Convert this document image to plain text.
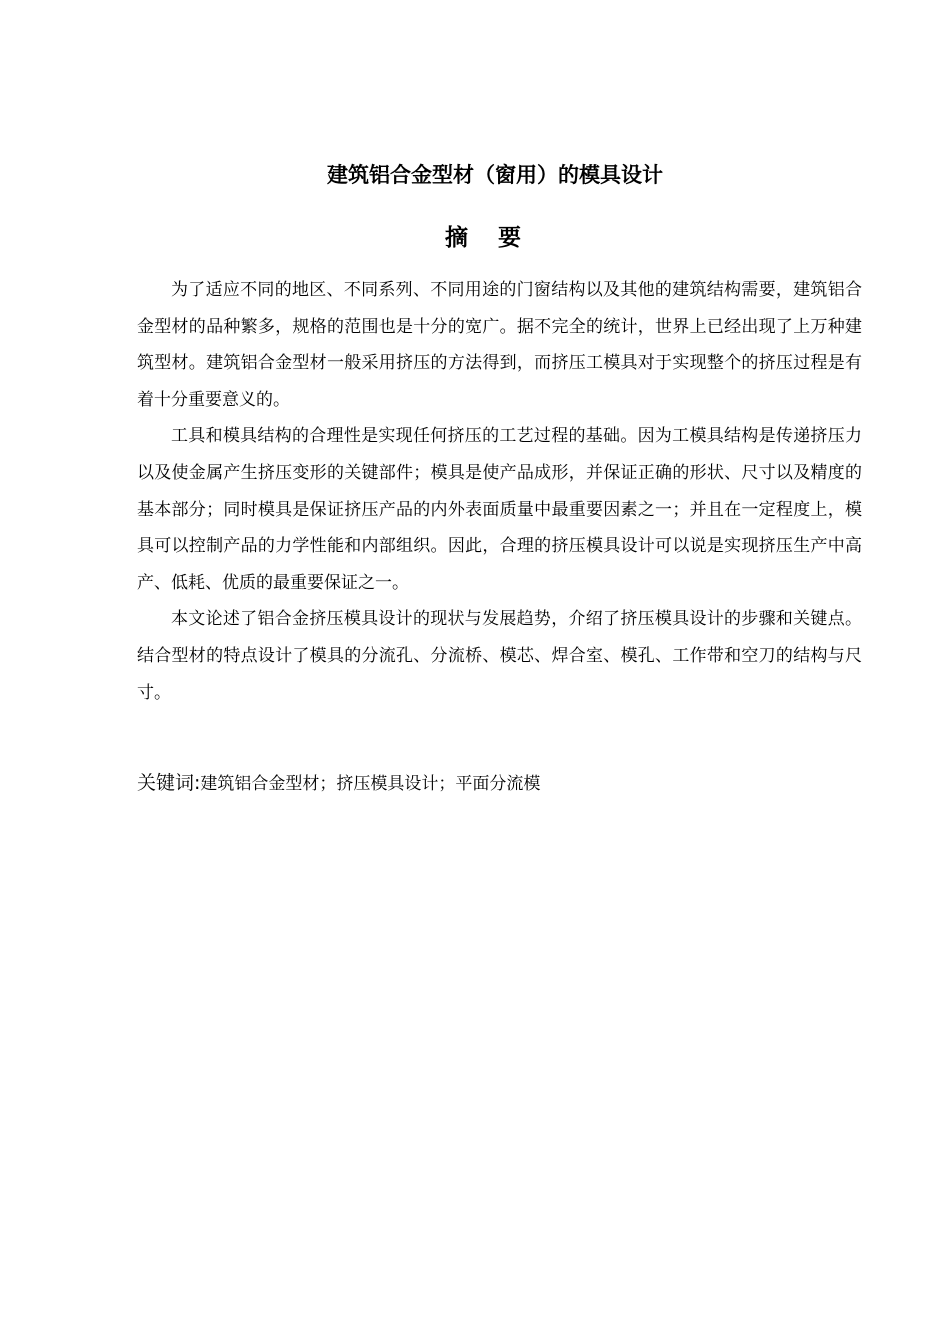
建筑铝合金型材（窗用）的模具设计
摘要

为了适应不同的地区、不同系列、不同用途的门窗结构以及其他的建筑结构需要，建筑铝合金型材的品种繁多，规格的范围也是十分的宽广。据不完全的统计，世界上已经出现了上万种建筑型材。建筑铝合金型材一般采用挤压的方法得到，而挤压工模具对于实现整个的挤压过程是有着十分重要意义的。

工具和模具结构的合理性是实现任何挤压的工艺过程的基础。因为工模具结构是传递挤压力以及使金属产生挤压变形的关键部件；模具是使产品成形，并保证正确的形状、尺寸以及精度的基本部分；同时模具是保证挤压产品的内外表面质量中最重要因素之一；并且在一定程度上，模具可以控制产品的力学性能和内部组织。因此，合理的挤压模具设计可以说是实现挤压生产中高产、低耗、优质的最重要保证之一。

本文论述了铝合金挤压模具设计的现状与发展趋势，介绍了挤压模具设计的步骤和关键点。结合型材的特点设计了模具的分流孔、分流桥、模芯、焊合室、模孔、工作带和空刀的结构与尺寸。

关键词:建筑铝合金型材；挤压模具设计；平面分流模
